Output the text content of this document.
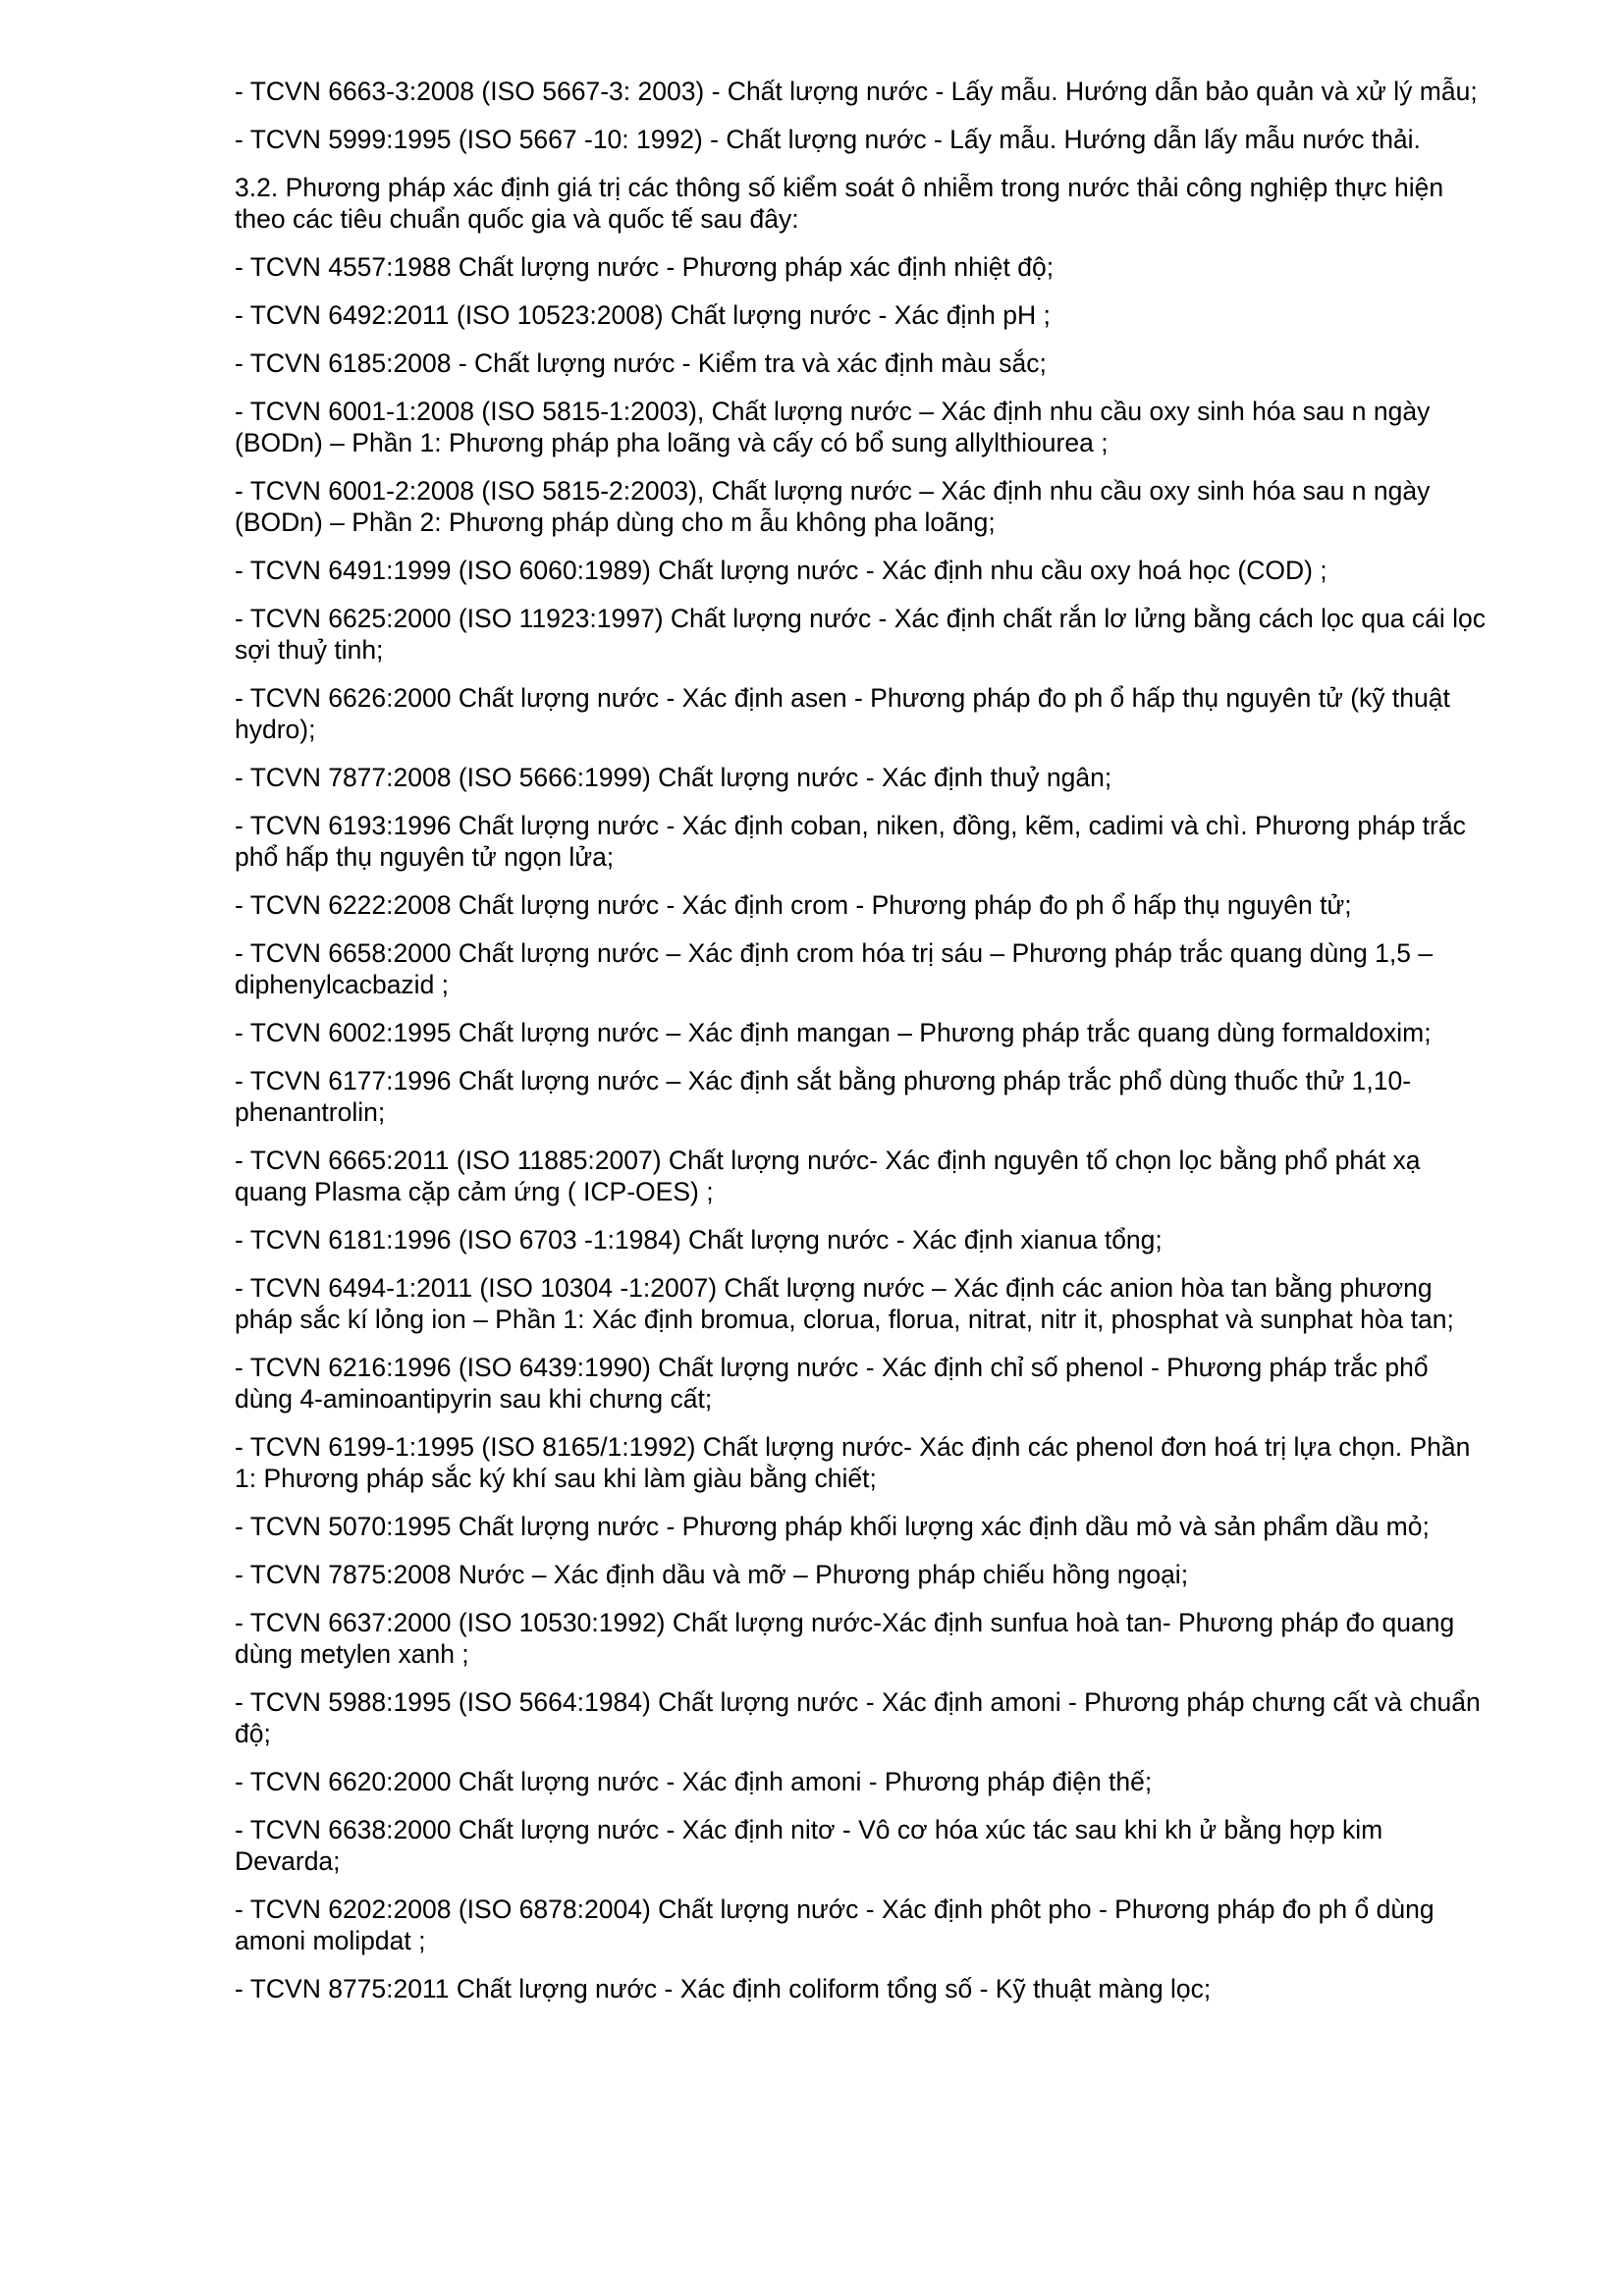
- TCVN 6663-3:2008 (ISO 5667-3: 2003) - Chất lượng nước - Lấy mẫu. Hướng dẫn bảo quản và xử lý mẫu;

- TCVN 5999:1995 (ISO 5667 -10: 1992) - Chất lượng nước - Lấy mẫu. Hướng dẫn lấy mẫu nước thải.

3.2. Phương pháp xác định giá trị các thông số kiểm soát ô nhiễm trong nước thải công nghiệp thực hiện theo các tiêu chuẩn quốc gia và quốc tế sau đây:

- TCVN 4557:1988 Chất lượng nước - Phương pháp xác định nhiệt độ;

- TCVN 6492:2011 (ISO 10523:2008) Chất lượng nước - Xác định pH ;

- TCVN 6185:2008 - Chất lượng nước - Kiểm tra và xác định màu sắc;

- TCVN 6001-1:2008 (ISO 5815-1:2003), Chất lượng nước – Xác định nhu cầu oxy sinh hóa sau n ngày (BODn) – Phần 1: Phương pháp pha loãng và cấy có bổ sung allylthiourea ;

- TCVN 6001-2:2008 (ISO 5815-2:2003), Chất lượng nước – Xác định nhu cầu oxy sinh hóa sau n ngày (BODn) – Phần 2: Phương pháp dùng cho m ẫu không pha loãng;

- TCVN 6491:1999 (ISO 6060:1989) Chất lượng nước - Xác định nhu cầu oxy hoá học (COD) ;

- TCVN 6625:2000 (ISO 11923:1997) Chất lượng nước - Xác định chất rắn lơ lửng bằng cách lọc qua cái lọc sợi thuỷ tinh;

- TCVN 6626:2000 Chất lượng nước - Xác định asen - Phương pháp đo ph ổ hấp thụ nguyên tử (kỹ thuật hydro);

- TCVN 7877:2008 (ISO 5666:1999) Chất lượng nước - Xác định thuỷ ngân;

- TCVN 6193:1996 Chất lượng nước - Xác định coban, niken, đồng, kẽm, cadimi và chì. Phương pháp trắc phổ hấp thụ nguyên tử ngọn lửa;

- TCVN 6222:2008 Chất lượng nước - Xác định crom - Phương pháp đo ph ổ hấp thụ nguyên tử;

- TCVN 6658:2000 Chất lượng nước – Xác định crom hóa trị sáu – Phương pháp trắc quang dùng 1,5 – diphenylcacbazid ;

- TCVN 6002:1995 Chất lượng nước – Xác định mangan – Phương pháp trắc quang dùng formaldoxim;

- TCVN 6177:1996 Chất lượng nước – Xác định sắt bằng phương pháp trắc phổ dùng thuốc thử 1,10-phenantrolin;

- TCVN 6665:2011 (ISO 11885:2007) Chất lượng nước- Xác định nguyên tố chọn lọc bằng phổ phát xạ quang Plasma cặp cảm ứng ( ICP-OES) ;

- TCVN 6181:1996 (ISO 6703 -1:1984) Chất lượng nước - Xác định xianua tổng;

- TCVN 6494-1:2011 (ISO 10304 -1:2007) Chất lượng nước – Xác định các anion hòa tan bằng phương pháp sắc kí lỏng ion – Phần 1: Xác định bromua, clorua, florua, nitrat, nitr it, phosphat và sunphat hòa tan;

- TCVN 6216:1996 (ISO 6439:1990) Chất lượng nước - Xác định chỉ số phenol - Phương pháp trắc phổ dùng 4-aminoantipyrin sau khi chưng cất;

- TCVN 6199-1:1995 (ISO 8165/1:1992) Chất lượng nước- Xác định các phenol đơn hoá trị lựa chọn. Phần 1: Phương pháp sắc ký khí sau khi làm giàu bằng chiết;

- TCVN 5070:1995 Chất lượng nước - Phương pháp khối lượng xác định dầu mỏ và sản phẩm dầu mỏ;

- TCVN 7875:2008 Nước – Xác định dầu và mỡ – Phương pháp chiếu hồng ngoại;

- TCVN 6637:2000 (ISO 10530:1992) Chất lượng nước-Xác định sunfua hoà tan- Phương pháp đo quang dùng metylen xanh ;

- TCVN 5988:1995 (ISO 5664:1984) Chất lượng nước - Xác định amoni - Phương pháp chưng cất và chuẩn độ;

- TCVN 6620:2000 Chất lượng nước - Xác định amoni - Phương pháp điện thế;

- TCVN 6638:2000 Chất lượng nước - Xác định nitơ - Vô cơ hóa xúc tác sau khi kh ử bằng hợp kim Devarda;

- TCVN 6202:2008 (ISO 6878:2004) Chất lượng nước - Xác định phôt pho - Phương pháp đo ph ổ dùng amoni molipdat ;

- TCVN 8775:2011 Chất lượng nước - Xác định coliform tổng số - Kỹ thuật màng lọc;
